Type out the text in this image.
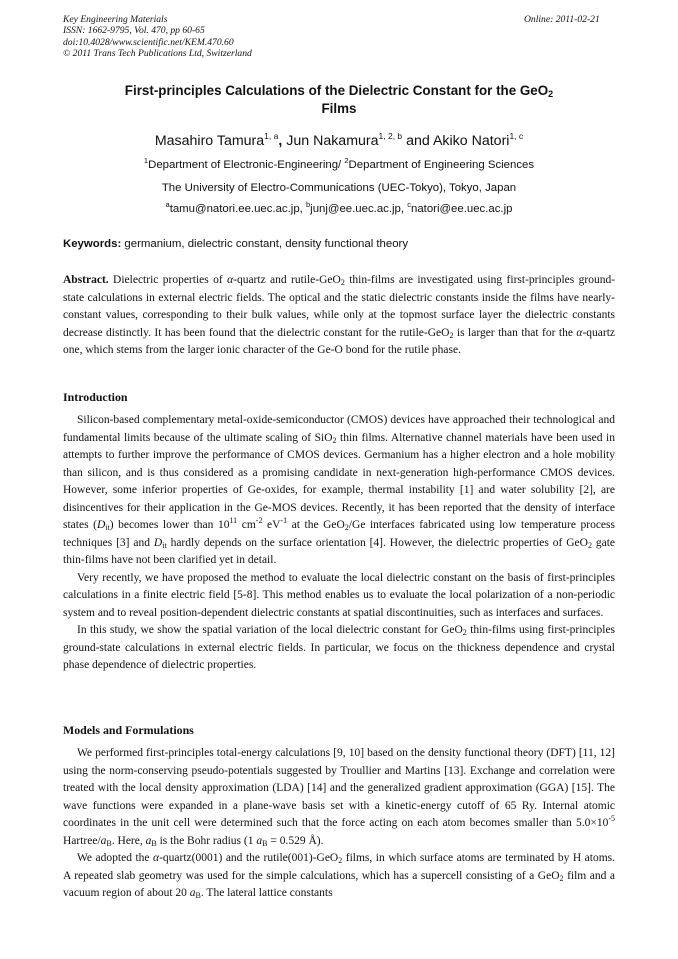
Key Engineering Materials
ISSN: 1662-9795, Vol. 470, pp 60-65
doi:10.4028/www.scientific.net/KEM.470.60
© 2011 Trans Tech Publications Ltd, Switzerland
Online: 2011-02-21
First-principles Calculations of the Dielectric Constant for the GeO$_2$
Films
Masahiro Tamura$^{1, a}$, Jun Nakamura$^{1, 2, b}$ and Akiko Natori$^{1, c}$
$^1$Department of Electronic-Engineering/ $^2$Department of Engineering Sciences
The University of Electro-Communications (UEC-Tokyo), Tokyo, Japan
$^a$tamu@natori.ee.uec.ac.jp, $^b$junj@ee.uec.ac.jp, $^c$natori@ee.uec.ac.jp
Keywords: germanium, dielectric constant, density functional theory

Abstract. Dielectric properties of α-quartz and rutile-GeO$_2$ thin-films are investigated using first-principles ground-state calculations in external electric fields. The optical and the static dielectric constants inside the films have nearly-constant values, corresponding to their bulk values, while only at the topmost surface layer the dielectric constants decrease distinctly. It has been found that the dielectric constant for the rutile-GeO$_2$ is larger than that for the α-quartz one, which stems from the larger ionic character of the Ge-O bond for the rutile phase.

Introduction

Silicon-based complementary metal-oxide-semiconductor (CMOS) devices have approached their technological and fundamental limits because of the ultimate scaling of SiO$_2$ thin films. Alternative channel materials have been used in attempts to further improve the performance of CMOS devices. Germanium has a higher electron and a hole mobility than silicon, and is thus considered as a promising candidate in next-generation high-performance CMOS devices. However, some inferior properties of Ge-oxides, for example, thermal instability [1] and water solubility [2], are disincentives for their application in the Ge-MOS devices. Recently, it has been reported that the density of interface states $(D_{it})$ becomes lower than $10^{11}$ $cm^{-2}$ $eV^{-1}$ at the GeO$_2$/Ge interfaces fabricated using low temperature process techniques [3] and $D_{it}$ hardly depends on the surface orientation [4]. However, the dielectric properties of GeO$_2$ gate thin-films have not been clarified yet in detail.

Very recently, we have proposed the method to evaluate the local dielectric constant on the basis of first-principles calculations in a finite electric field [5-8]. This method enables us to evaluate the local polarization of a non-periodic system and to reveal position-dependent dielectric constants at spatial discontinuities, such as interfaces and surfaces.

In this study, we show the spatial variation of the local dielectric constant for GeO$_2$ thin-films using first-principles ground-state calculations in external electric fields. In particular, we focus on the thickness dependence and crystal phase dependence of dielectric properties.

Models and Formulations

We performed first-principles total-energy calculations [9, 10] based on the density functional theory (DFT) [11, 12] using the norm-conserving pseudo-potentials suggested by Troullier and Martins [13]. Exchange and correlation were treated with the local density approximation (LDA) [14] and the generalized gradient approximation (GGA) [15]. The wave functions were expanded in a plane-wave basis set with a kinetic-energy cutoff of 65 Ry. Internal atomic coordinates in the unit cell were determined such that the force acting on each atom becomes smaller than $5.0\times 10^{-5}$ Hartree/$a_B$. Here, $a_B$ is the Bohr radius (1 $a_B = 0.529$ Å).

We adopted the α-quartz(0001) and the rutile(001)-GeO$_2$ films, in which surface atoms are terminated by H atoms. A repeated slab geometry was used for the simple calculations, which has a supercell consisting of a GeO$_2$ film and a vacuum region of about 20 $a_B$. The lateral lattice constants
